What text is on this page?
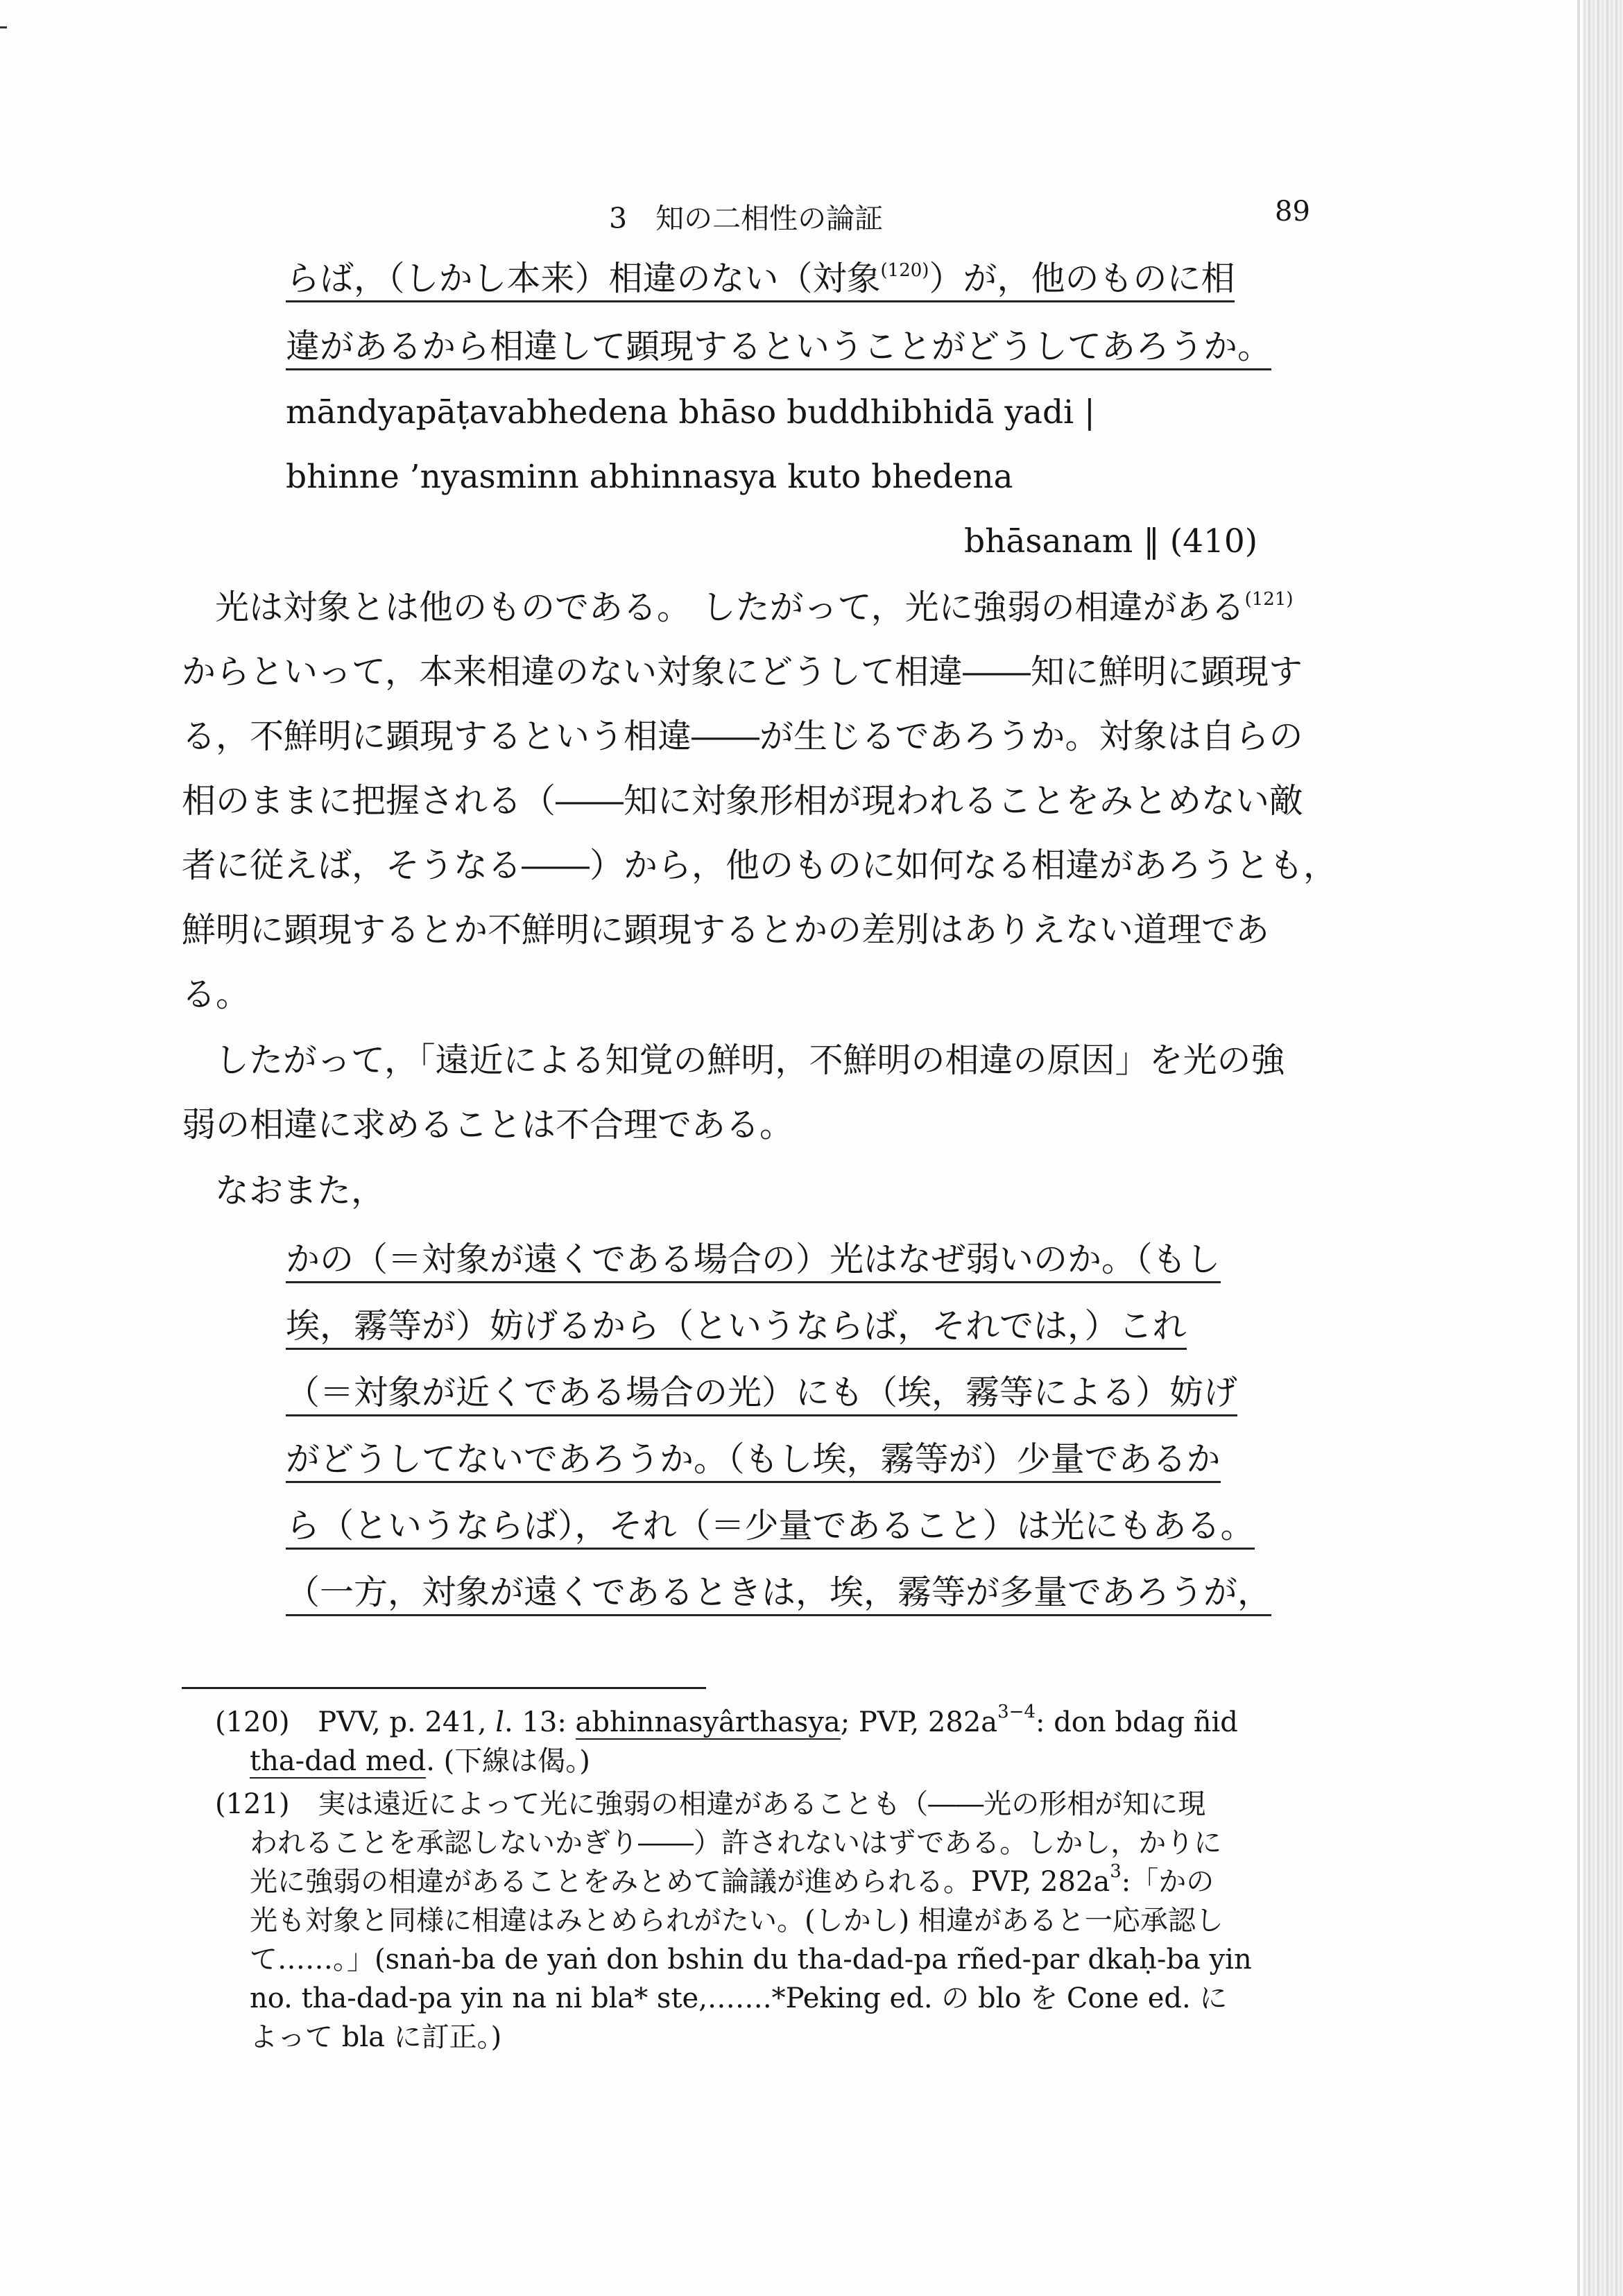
3　知の二相性の論証	89
らば，（しかし本来）相違のない（対象$^{(120)}$）が，他のものに相
違があるから相違して顕現するということがどうしてあろうか。
māndyapāṭavabhedena bhāso buddhibhidā yadi |
bhinne ’nyasminn abhinnasya kuto bhedena
bhāsanam ‖ (410)
光は対象とは他のものである。 したがって，光に強弱の相違がある$^{(121)}$
からといって，本来相違のない対象にどうして相違――知に鮮明に顕現す
る，不鮮明に顕現するという相違――が生じるであろうか。対象は自らの
相のままに把握される（――知に対象形相が現われることをみとめない敵
者に従えば，そうなる――）から，他のものに如何なる相違があろうとも，
鮮明に顕現するとか不鮮明に顕現するとかの差別はありえない道理であ
る。
したがって，「遠近による知覚の鮮明，不鮮明の相違の原因」を光の強
弱の相違に求めることは不合理である。
なおまた，
かの（＝対象が遠くである場合の）光はなぜ弱いのか。（もし
埃，霧等が）妨げるから（というならば，それでは，）これ
（＝対象が近くである場合の光）にも（埃，霧等による）妨げ
がどうしてないであろうか。（もし埃，霧等が）少量であるか
ら（というならば），それ（＝少量であること）は光にもある。
（一方，対象が遠くであるときは，埃，霧等が多量であろうが，
(120) PVV, p. 241, l. 13: abhinnasyârthasya; PVP, $282a^{3-4}$: don bdag ñid
tha-dad med. (下線は偈。)
(121) 実は遠近によって光に強弱の相違があることも（――光の形相が知に現
われることを承認しないかぎり――）許されないはずである。しかし，かりに
光に強弱の相違があることをみとめて論議が進められる。PVP, $282a^3$:「かの
光も対象と同様に相違はみとめられがたい。(しかし) 相違があると一応承認し
て……。」(snaṅ-ba de yaṅ don bshin du tha-dad-pa rñed-par dkaḥ-ba yin
no. tha-dad-pa yin na ni bla* ste,…….*Peking ed. の blo を Cone ed. に
よって bla に訂正。)
